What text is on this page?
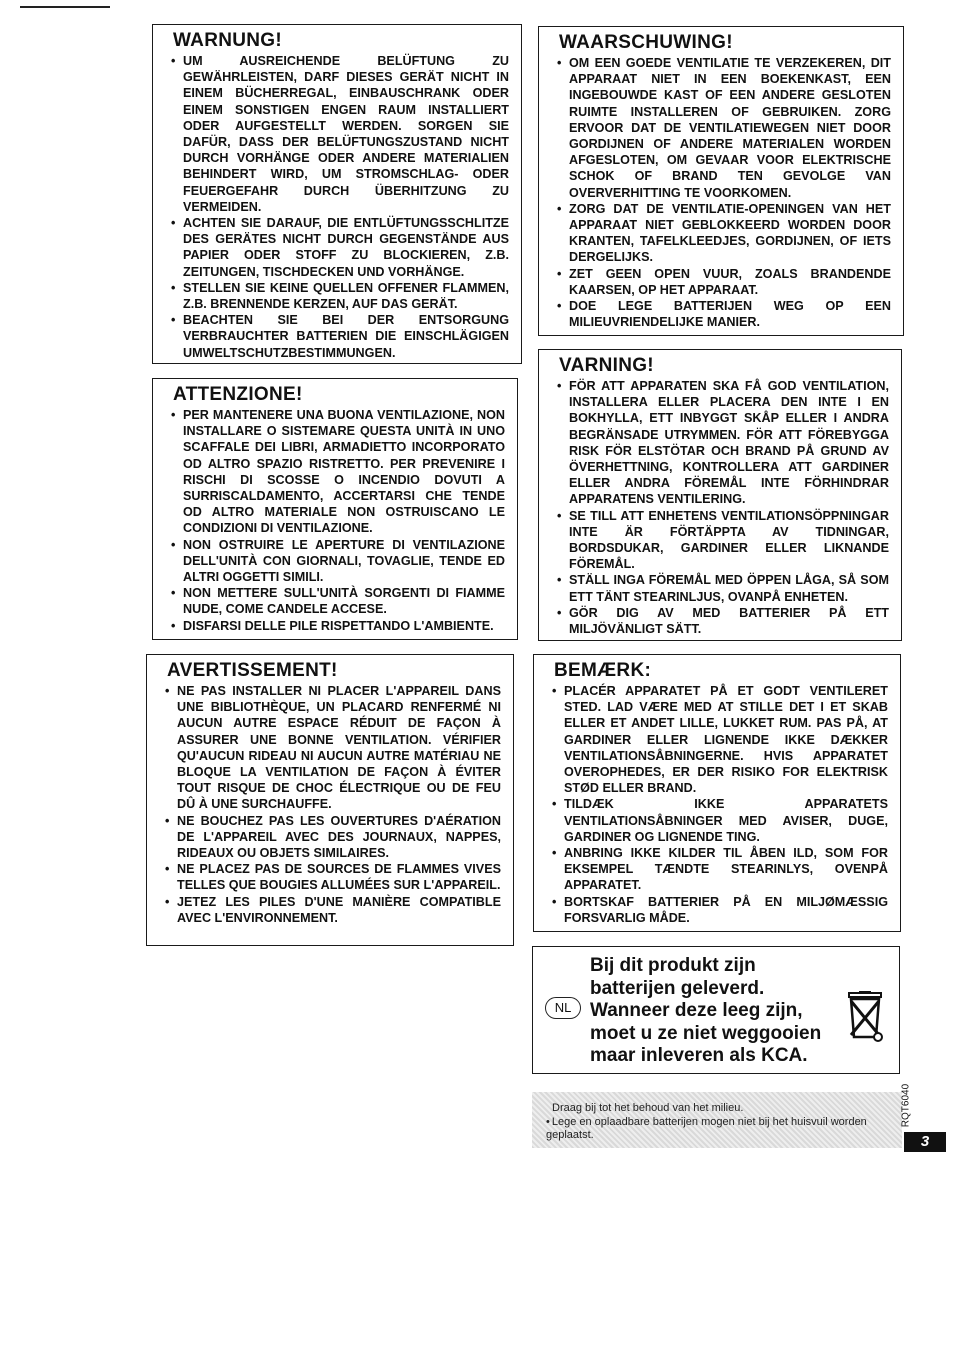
WARNUNG!
• UM AUSREICHENDE BELÜFTUNG ZU GEWÄHRLEISTEN, DARF DIESES GERÄT NICHT IN EINEM BÜCHERREGAL, EINBAUSCHRANK ODER EINEM SONSTIGEN ENGEN RAUM INSTALLIERT ODER AUFGESTELLT WERDEN. SORGEN SIE DAFÜR, DASS DER BELÜFTUNGSZUSTAND NICHT DURCH VORHÄNGE ODER ANDERE MATERIALIEN BEHINDERT WIRD, UM STROMSCHLAG- ODER FEUERGEFAHR DURCH ÜBERHITZUNG ZU VERMEIDEN.
• ACHTEN SIE DARAUF, DIE ENTLÜFTUNGSSCHLITZE DES GERÄTES NICHT DURCH GEGENSTÄNDE AUS PAPIER ODER STOFF ZU BLOCKIEREN, Z.B. ZEITUNGEN, TISCHDECKEN UND VORHÄNGE.
• STELLEN SIE KEINE QUELLEN OFFENER FLAMMEN, Z.B. BRENNENDE KERZEN, AUF DAS GERÄT.
• BEACHTEN SIE BEI DER ENTSORGUNG VERBRAUCHTER BATTERIEN DIE EINSCHLÄGIGEN UMWELTSCHUTZBESTIMMUNGEN.
ATTENZIONE!
• PER MANTENERE UNA BUONA VENTILAZIONE, NON INSTALLARE O SISTEMARE QUESTA UNITÀ IN UNO SCAFFALE DEI LIBRI, ARMADIETTO INCORPORATO OD ALTRO SPAZIO RISTRETTO. PER PREVENIRE I RISCHI DI SCOSSE O INCENDIO DOVUTI A SURRISCALDAMENTO, ACCERTARSI CHE TENDE OD ALTRO MATERIALE NON OSTRUISCANO LE CONDIZIONI DI VENTILAZIONE.
• NON OSTRUIRE LE APERTURE DI VENTILAZIONE DELL'UNITÀ CON GIORNALI, TOVAGLIE, TENDE ED ALTRI OGGETTI SIMILI.
• NON METTERE SULL'UNITÀ SORGENTI DI FIAMME NUDE, COME CANDELE ACCESE.
• DISFARSI DELLE PILE RISPETTANDO L'AMBIENTE.
AVERTISSEMENT!
• NE PAS INSTALLER NI PLACER L'APPAREIL DANS UNE BIBLIOTHÈQUE, UN PLACARD RENFERMÉ NI AUCUN AUTRE ESPACE RÉDUIT DE FAÇON À ASSURER UNE BONNE VENTILATION. VÉRIFIER QU'AUCUN RIDEAU NI AUCUN AUTRE MATÉRIAU NE BLOQUE LA VENTILATION DE FAÇON À ÉVITER TOUT RISQUE DE CHOC ÉLECTRIQUE OU DE FEU DÛ À UNE SURCHAUFFE.
• NE BOUCHEZ PAS LES OUVERTURES D'AÉRATION DE L'APPAREIL AVEC DES JOURNAUX, NAPPES, RIDEAUX OU OBJETS SIMILAIRES.
• NE PLACEZ PAS DE SOURCES DE FLAMMES VIVES TELLES QUE BOUGIES ALLUMÉES SUR L'APPAREIL.
• JETEZ LES PILES D'UNE MANIÈRE COMPATIBLE AVEC L'ENVIRONNEMENT.
WAARSCHUWING!
• OM EEN GOEDE VENTILATIE TE VERZEKEREN, DIT APPARAAT NIET IN EEN BOEKENKAST, EEN INGEBOUWDE KAST OF EEN ANDERE GESLOTEN RUIMTE INSTALLEREN OF GEBRUIKEN. ZORG ERVOOR DAT DE VENTILATIEWEGEN NIET DOOR GORDIJNEN OF ANDERE MATERIALEN WORDEN AFGESLOTEN, OM GEVAAR VOOR ELEKTRISCHE SCHOK OF BRAND TEN GEVOLGE VAN OVERVERHITTING TE VOORKOMEN.
• ZORG DAT DE VENTILATIE-OPENINGEN VAN HET APPARAAT NIET GEBLOKKEERD WORDEN DOOR KRANTEN, TAFELKLEEDJES, GORDIJNEN, OF IETS DERGELIJKS.
• ZET GEEN OPEN VUUR, ZOALS BRANDENDE KAARSEN, OP HET APPARAAT.
• DOE LEGE BATTERIJEN WEG OP EEN MILIEUVRIENDELIJKE MANIER.
VARNING!
• FÖR ATT APPARATEN SKA FÅ GOD VENTILATION, INSTALLERA ELLER PLACERA DEN INTE I EN BOKHYLLA, ETT INBYGGT SKÅP ELLER I ANDRA BEGRÄNSADE UTRYMMEN. FÖR ATT FÖREBYGGA RISK FÖR ELSTÖTAR OCH BRAND PÅ GRUND AV ÖVERHETTNING, KONTROLLERA ATT GARDINER ELLER ANDRA FÖREMÅL INTE FÖRHINDRAR APPARATENS VENTILERING.
• SE TILL ATT ENHETENS VENTILATIONSÖPPNINGAR INTE ÄR FÖRTÄPPTA AV TIDNINGAR, BORDSDUKAR, GARDINER ELLER LIKNANDE FÖREMÅL.
• STÄLL INGA FÖREMÅL MED ÖPPEN LÅGA, SÅ SOM ETT TÄNT STEARINLJUS, OVANPÅ ENHETEN.
• GÖR DIG AV MED BATTERIER PÅ ETT MILJÖVÄNLIGT SÄTT.
BEMÆRK:
• PLACÉR APPARATET PÅ ET GODT VENTILERET STED. LAD VÆRE MED AT STILLE DET I ET SKAB ELLER ET ANDET LILLE, LUKKET RUM. PAS PÅ, AT GARDINER ELLER LIGNENDE IKKE DÆKKER VENTILATIONSÅBNINGERNE. HVIS APPARATET OVEROPHEDES, ER DER RISIKO FOR ELEKTRISK STØD ELLER BRAND.
• TILDÆK IKKE APPARATETS VENTILATIONSÅBNINGER MED AVISER, DUGE, GARDINER OG LIGNENDE TING.
• ANBRING IKKE KILDER TIL ÅBEN ILD, SOM FOR EKSEMPEL TÆNDTE STEARINLYS, OVENPÅ APPARATET.
• BORTSKAF BATTERIER PÅ EN MILJØMÆSSIG FORSVARLIG MÅDE.
NL
Bij dit produkt zijn batterijen geleverd.
Wanneer deze leeg zijn, moet u ze niet weggooien maar inleveren als KCA.
Draag bij tot het behoud van het milieu.
• Lege en oplaadbare batterijen mogen niet bij het huisvuil worden geplaatst.
RQT6040
3
